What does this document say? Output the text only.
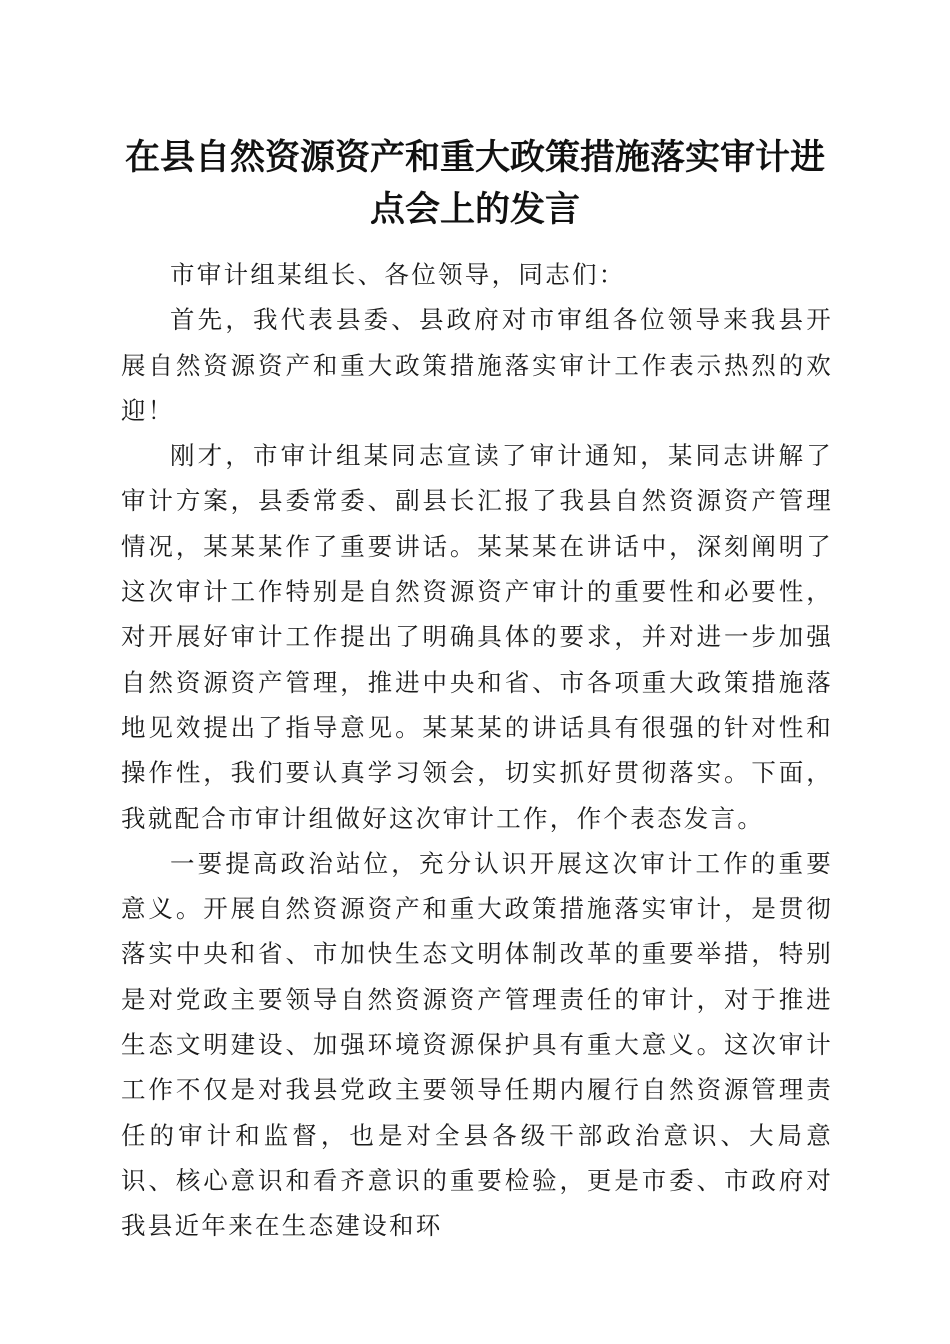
在县自然资源资产和重大政策措施落实审计进点会上的发言

市审计组某组长、各位领导，同志们：

首先，我代表县委、县政府对市审组各位领导来我县开展自然资源资产和重大政策措施落实审计工作表示热烈的欢迎！

刚才，市审计组某同志宣读了审计通知，某同志讲解了审计方案，县委常委、副县长汇报了我县自然资源资产管理情况，某某某作了重要讲话。某某某在讲话中，深刻阐明了这次审计工作特别是自然资源资产审计的重要性和必要性，对开展好审计工作提出了明确具体的要求，并对进一步加强自然资源资产管理，推进中央和省、市各项重大政策措施落地见效提出了指导意见。某某某的讲话具有很强的针对性和操作性，我们要认真学习领会，切实抓好贯彻落实。下面，我就配合市审计组做好这次审计工作，作个表态发言。

一要提高政治站位，充分认识开展这次审计工作的重要意义。开展自然资源资产和重大政策措施落实审计，是贯彻落实中央和省、市加快生态文明体制改革的重要举措，特别是对党政主要领导自然资源资产管理责任的审计，对于推进生态文明建设、加强环境资源保护具有重大意义。这次审计工作不仅是对我县党政主要领导任期内履行自然资源管理责任的审计和监督，也是对全县各级干部政治意识、大局意识、核心意识和看齐意识的重要检验，更是市委、市政府对我县近年来在生态建设和环
